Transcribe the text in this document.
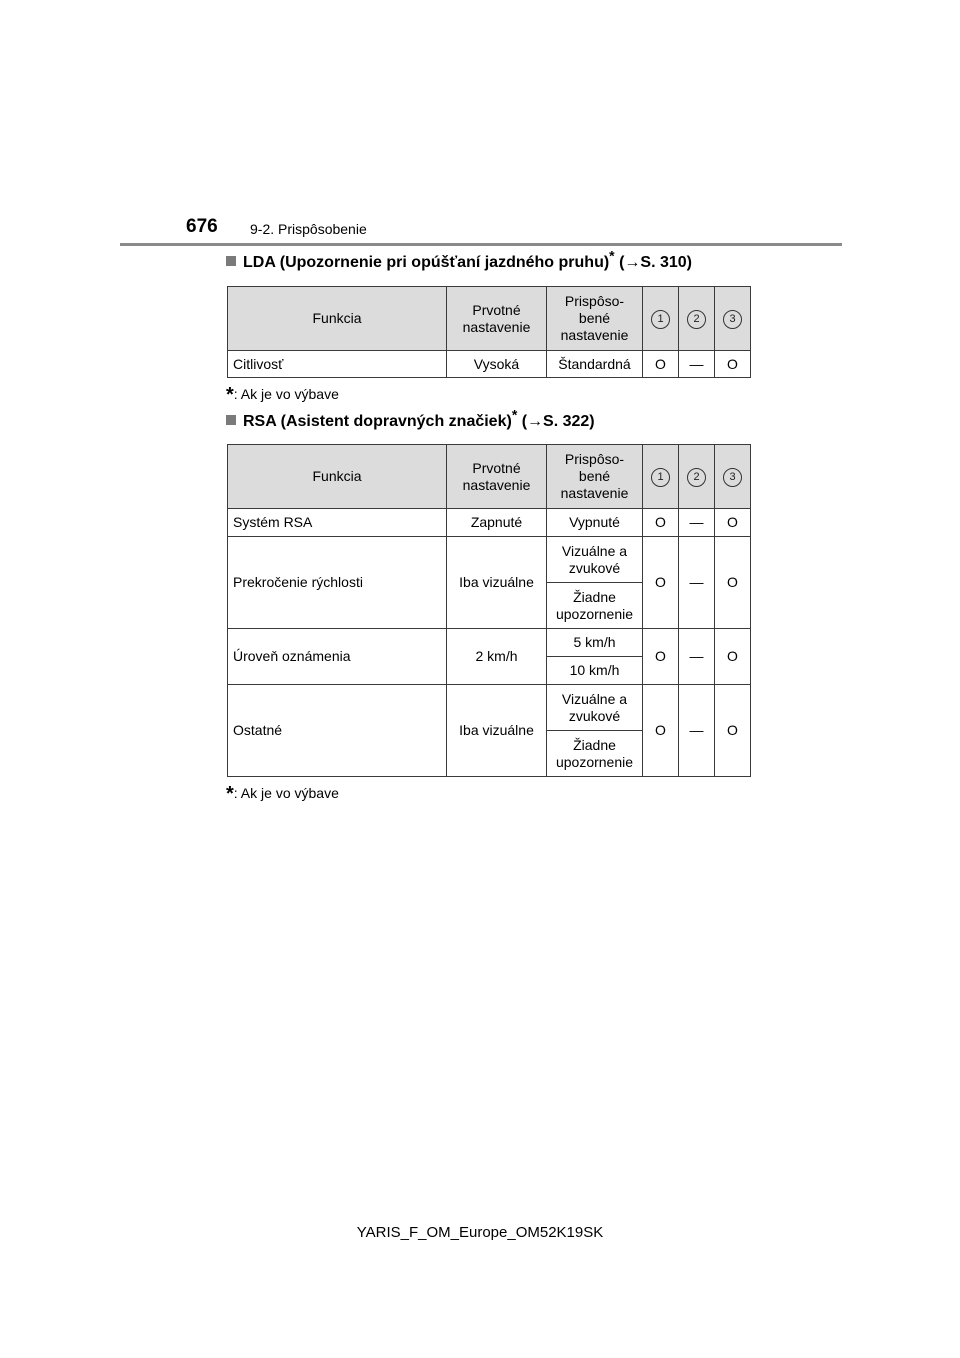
676 9-2. Prispôsobenie
LDA (Upozornenie pri opúšťaní jazdného pruhu)* (→S. 310)
Funkcia	Prvotné nastavenie	Prispôso-
bené
nastavenie	1	2	3
Citlivosť	Vysoká	Štandardná	O	—	O
*: Ak je vo výbave
RSA (Asistent dopravných značiek)* (→S. 322)
Funkcia	Prvotné nastavenie	Prispôso-
bené
nastavenie	1	2	3
Systém RSA	Zapnuté	Vypnuté	O	—	O
Prekročenie rýchlosti	Iba vizuálne	Vizuálne a zvukové	O	—	O
		Žiadne upozornenie			
Úroveň oznámenia	2 km/h	5 km/h	O	—	O
		10 km/h			
Ostatné	Iba vizuálne	Vizuálne a zvukové	O	—	O
		Žiadne upozornenie			
*: Ak je vo výbave
YARIS_F_OM_Europe_OM52K19SK
